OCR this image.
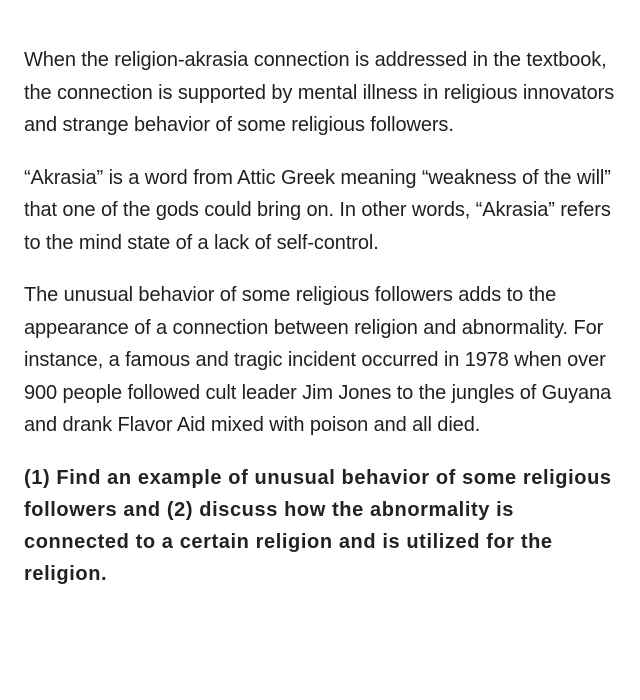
When the religion-akrasia connection is addressed in the textbook, the connection is supported by mental illness in religious innovators and strange behavior of some religious followers.

“Akrasia” is a word from Attic Greek meaning “weakness of the will” that one of the gods could bring on. In other words, “Akrasia” refers to the mind state of a lack of self-control.

The unusual behavior of some religious followers adds to the appearance of a connection between religion and abnormality. For instance, a famous and tragic incident occurred in 1978 when over 900 people followed cult leader Jim Jones to the jungles of Guyana and drank Flavor Aid mixed with poison and all died.

(1) Find an example of unusual behavior of some religious followers and (2) discuss how the abnormality is connected to a certain religion and is utilized for the religion.
